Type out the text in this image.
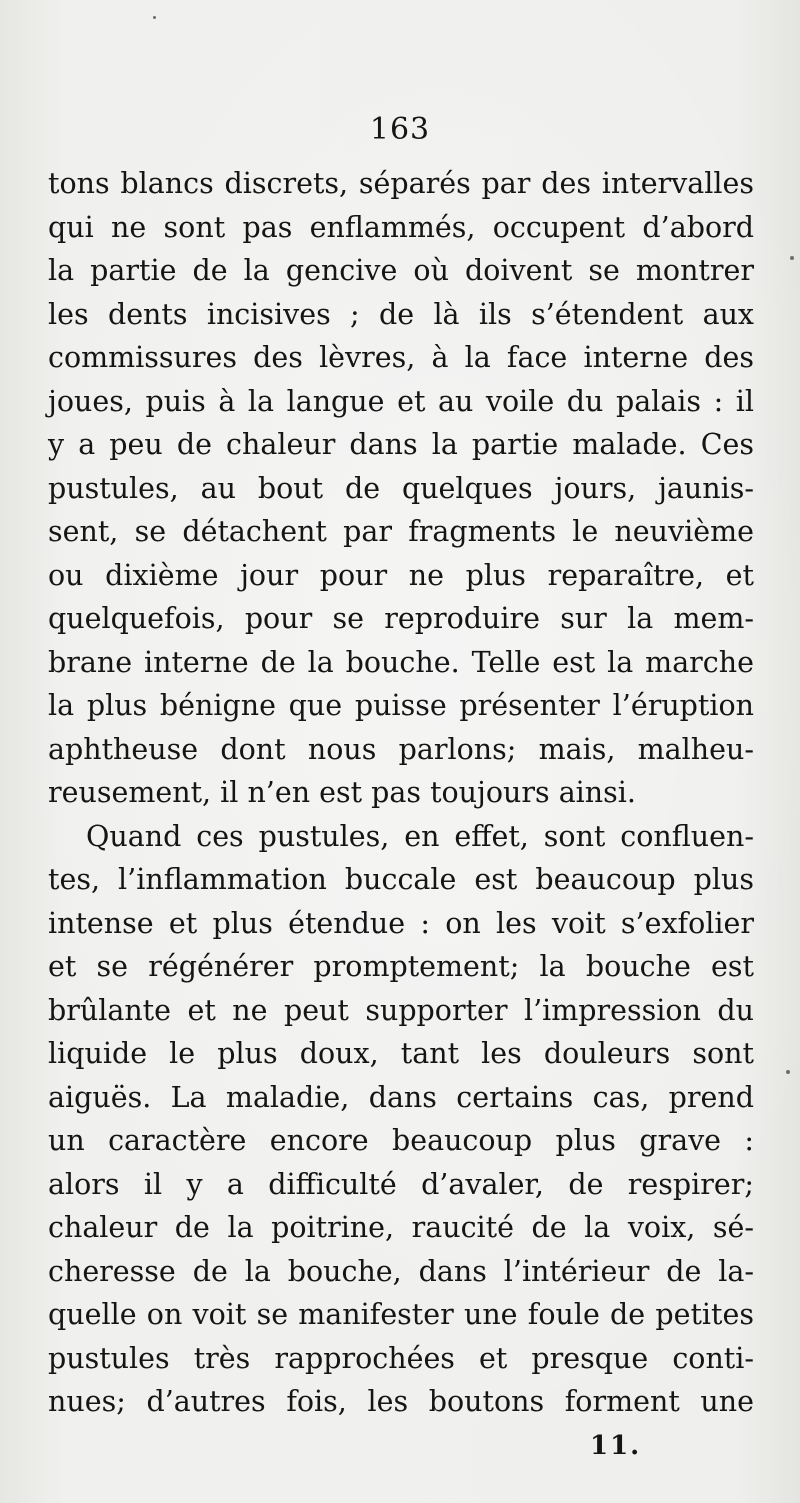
163
tons blancs discrets, séparés par des intervalles
qui ne sont pas enflammés, occupent d’abord
la partie de la gencive où doivent se montrer
les dents incisives ; de là ils s’étendent aux
commissures des lèvres, à la face interne des
joues, puis à la langue et au voile du palais : il
y a peu de chaleur dans la partie malade. Ces
pustules, au bout de quelques jours, jaunis-
sent, se détachent par fragments le neuvième
ou dixième jour pour ne plus reparaître, et
quelquefois, pour se reproduire sur la mem-
brane interne de la bouche. Telle est la marche
la plus bénigne que puisse présenter l’éruption
aphtheuse dont nous parlons; mais, malheu-
reusement, il n’en est pas toujours ainsi.
Quand ces pustules, en effet, sont confluen-
tes, l’inflammation buccale est beaucoup plus
intense et plus étendue : on les voit s’exfolier
et se régénérer promptement; la bouche est
brûlante et ne peut supporter l’impression du
liquide le plus doux, tant les douleurs sont
aiguës. La maladie, dans certains cas, prend
un caractère encore beaucoup plus grave :
alors il y a difficulté d’avaler, de respirer;
chaleur de la poitrine, raucité de la voix, sé-
cheresse de la bouche, dans l’intérieur de la-
quelle on voit se manifester une foule de petites
pustules très rapprochées et presque conti-
nues; d’autres fois, les boutons forment une
11.
